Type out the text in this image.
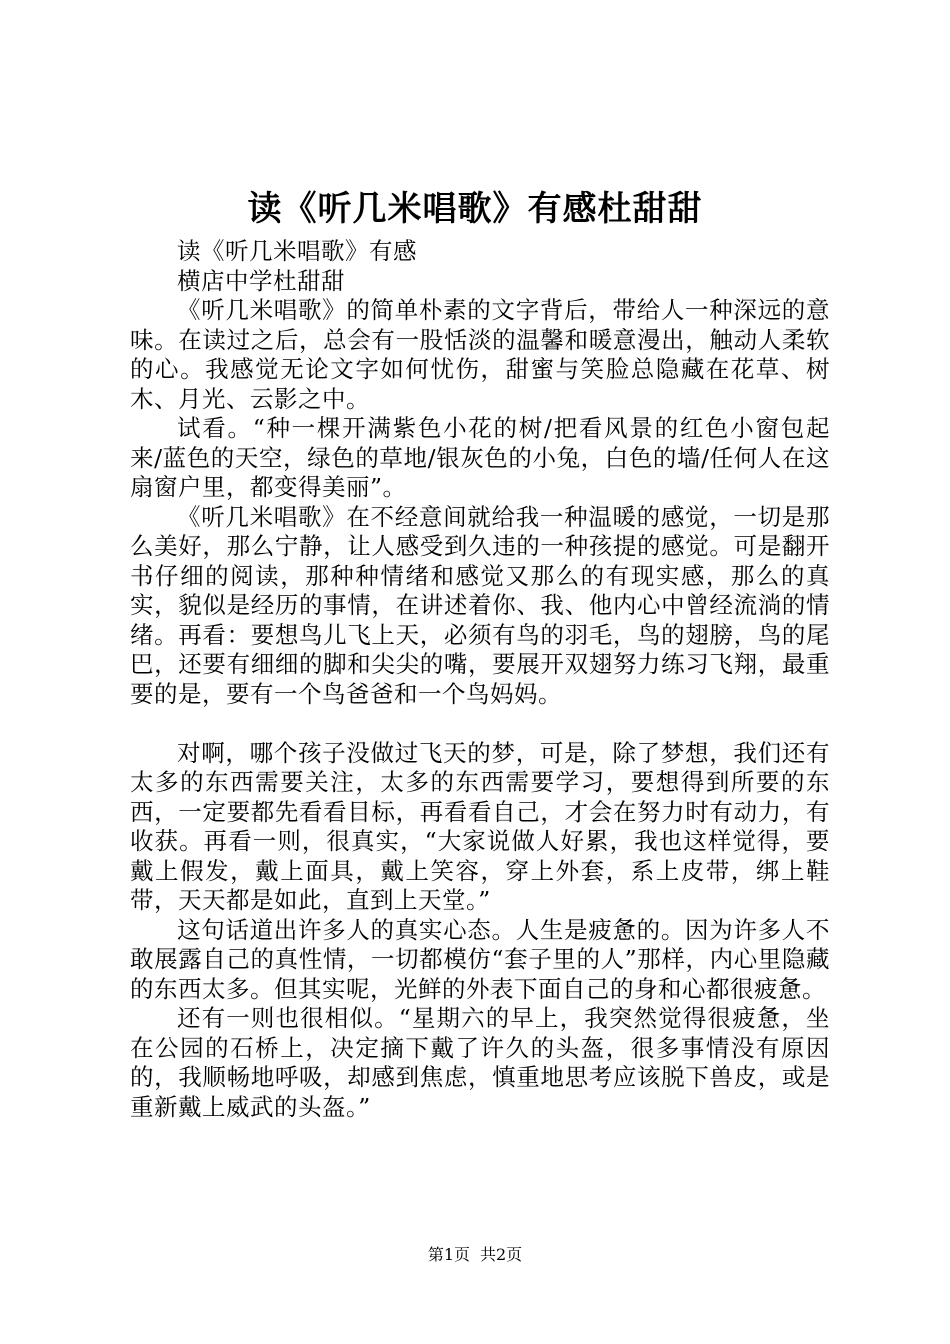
读《听几米唱歌》有感杜甜甜

读《听几米唱歌》有感

横店中学杜甜甜

《听几米唱歌》的简单朴素的文字背后，带给人一种深远的意味。在读过之后，总会有一股恬淡的温馨和暖意漫出，触动人柔软的心。我感觉无论文字如何忧伤，甜蜜与笑脸总隐藏在花草、树木、月光、云影之中。

试看。“种一棵开满紫色小花的树/把看风景的红色小窗包起来/蓝色的天空，绿色的草地/银灰色的小兔，白色的墙/任何人在这扇窗户里，都变得美丽”。

《听几米唱歌》在不经意间就给我一种温暖的感觉，一切是那么美好，那么宁静，让人感受到久违的一种孩提的感觉。可是翻开书仔细的阅读，那种种情绪和感觉又那么的有现实感，那么的真实，貌似是经历的事情，在讲述着你、我、他内心中曾经流淌的情绪。再看：要想鸟儿飞上天，必须有鸟的羽毛，鸟的翅膀，鸟的尾巴，还要有细细的脚和尖尖的嘴，要展开双翅努力练习飞翔，最重要的是，要有一个鸟爸爸和一个鸟妈妈。

对啊，哪个孩子没做过飞天的梦，可是，除了梦想，我们还有太多的东西需要关注，太多的东西需要学习，要想得到所要的东西，一定要都先看看目标，再看看自己，才会在努力时有动力，有收获。再看一则，很真实，“大家说做人好累，我也这样觉得，要戴上假发，戴上面具，戴上笑容，穿上外套，系上皮带，绑上鞋带，天天都是如此，直到上天堂。”

这句话道出许多人的真实心态。人生是疲惫的。因为许多人不敢展露自己的真性情，一切都模仿“套子里的人”那样，内心里隐藏的东西太多。但其实呢，光鲜的外表下面自己的身和心都很疲惫。

还有一则也很相似。“星期六的早上，我突然觉得很疲惫，坐在公园的石桥上，决定摘下戴了许久的头盔，很多事情没有原因的，我顺畅地呼吸，却感到焦虑，慎重地思考应该脱下兽皮，或是重新戴上威武的头盔。”

第1页 共2页
